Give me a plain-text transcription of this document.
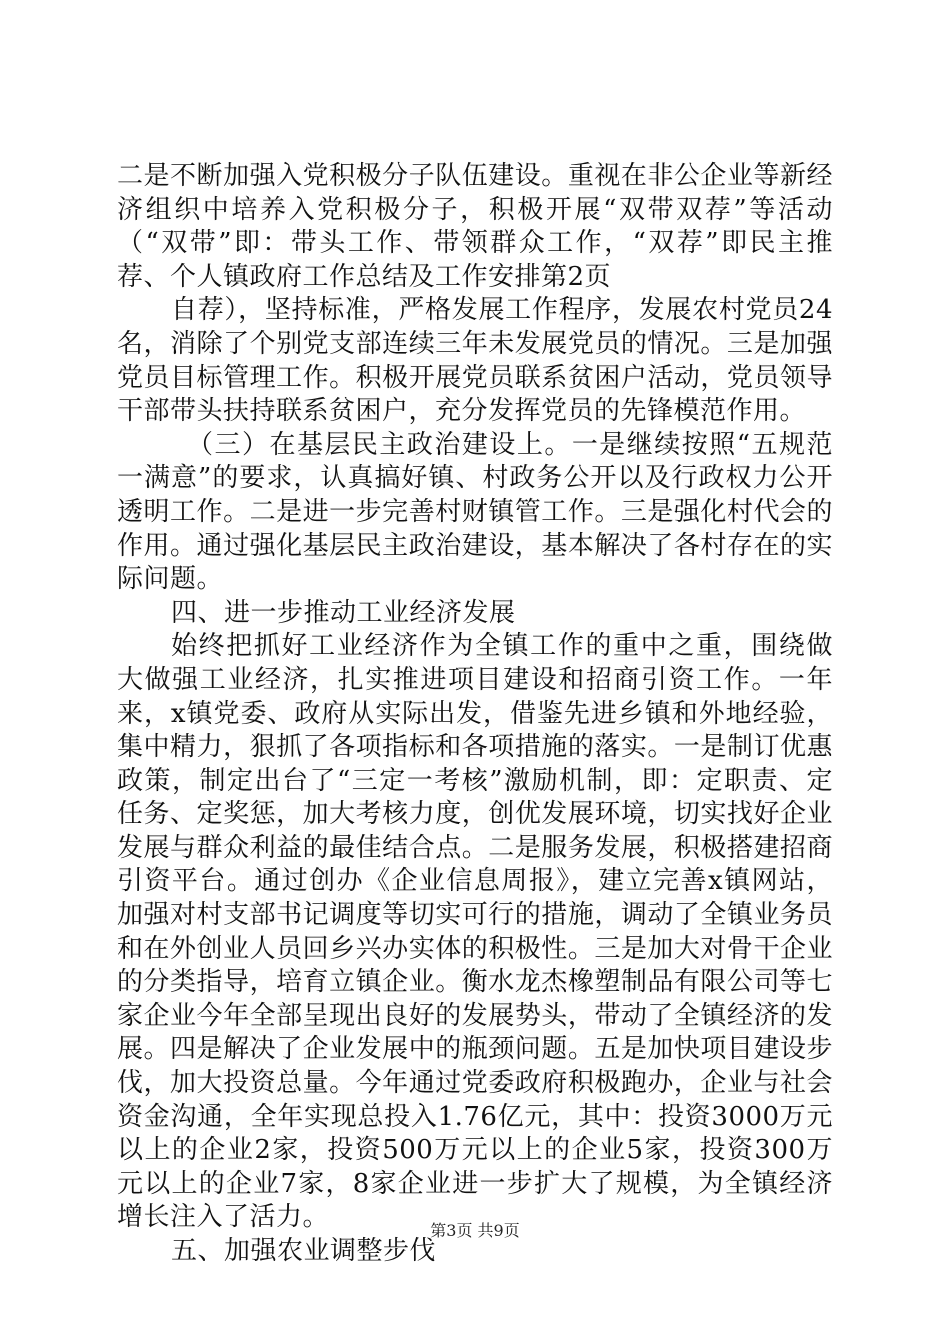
二是不断加强入党积极分子队伍建设。重视在非公企业等新经济组织中培养入党积极分子，积极开展“双带双荐”等活动（“双带”即：带头工作、带领群众工作，“双荐”即民主推荐、个人镇政府工作总结及工作安排第2页

自荐），坚持标准，严格发展工作程序，发展农村党员24名，消除了个别党支部连续三年未发展党员的情况。三是加强党员目标管理工作。积极开展党员联系贫困户活动，党员领导干部带头扶持联系贫困户，充分发挥党员的先锋模范作用。

（三）在基层民主政治建设上。一是继续按照“五规范一满意”的要求，认真搞好镇、村政务公开以及行政权力公开透明工作。二是进一步完善村财镇管工作。三是强化村代会的作用。通过强化基层民主政治建设，基本解决了各村存在的实际问题。

四、进一步推动工业经济发展

始终把抓好工业经济作为全镇工作的重中之重，围绕做大做强工业经济，扎实推进项目建设和招商引资工作。一年来，x镇党委、政府从实际出发，借鉴先进乡镇和外地经验，集中精力，狠抓了各项指标和各项措施的落实。一是制订优惠政策，制定出台了“三定一考核”激励机制，即：定职责、定任务、定奖惩，加大考核力度，创优发展环境，切实找好企业发展与群众利益的最佳结合点。二是服务发展，积极搭建招商引资平台。通过创办《企业信息周报》，建立完善x镇网站，加强对村支部书记调度等切实可行的措施，调动了全镇业务员和在外创业人员回乡兴办实体的积极性。三是加大对骨干企业的分类指导，培育立镇企业。衡水龙杰橡塑制品有限公司等七家企业今年全部呈现出良好的发展势头，带动了全镇经济的发展。四是解决了企业发展中的瓶颈问题。五是加快项目建设步伐，加大投资总量。今年通过党委政府积极跑办，企业与社会资金沟通，全年实现总投入1.76亿元，其中：投资3000万元以上的企业2家，投资500万元以上的企业5家，投资300万元以上的企业7家，8家企业进一步扩大了规模，为全镇经济增长注入了活力。

五、加强农业调整步伐

第3页 共9页
